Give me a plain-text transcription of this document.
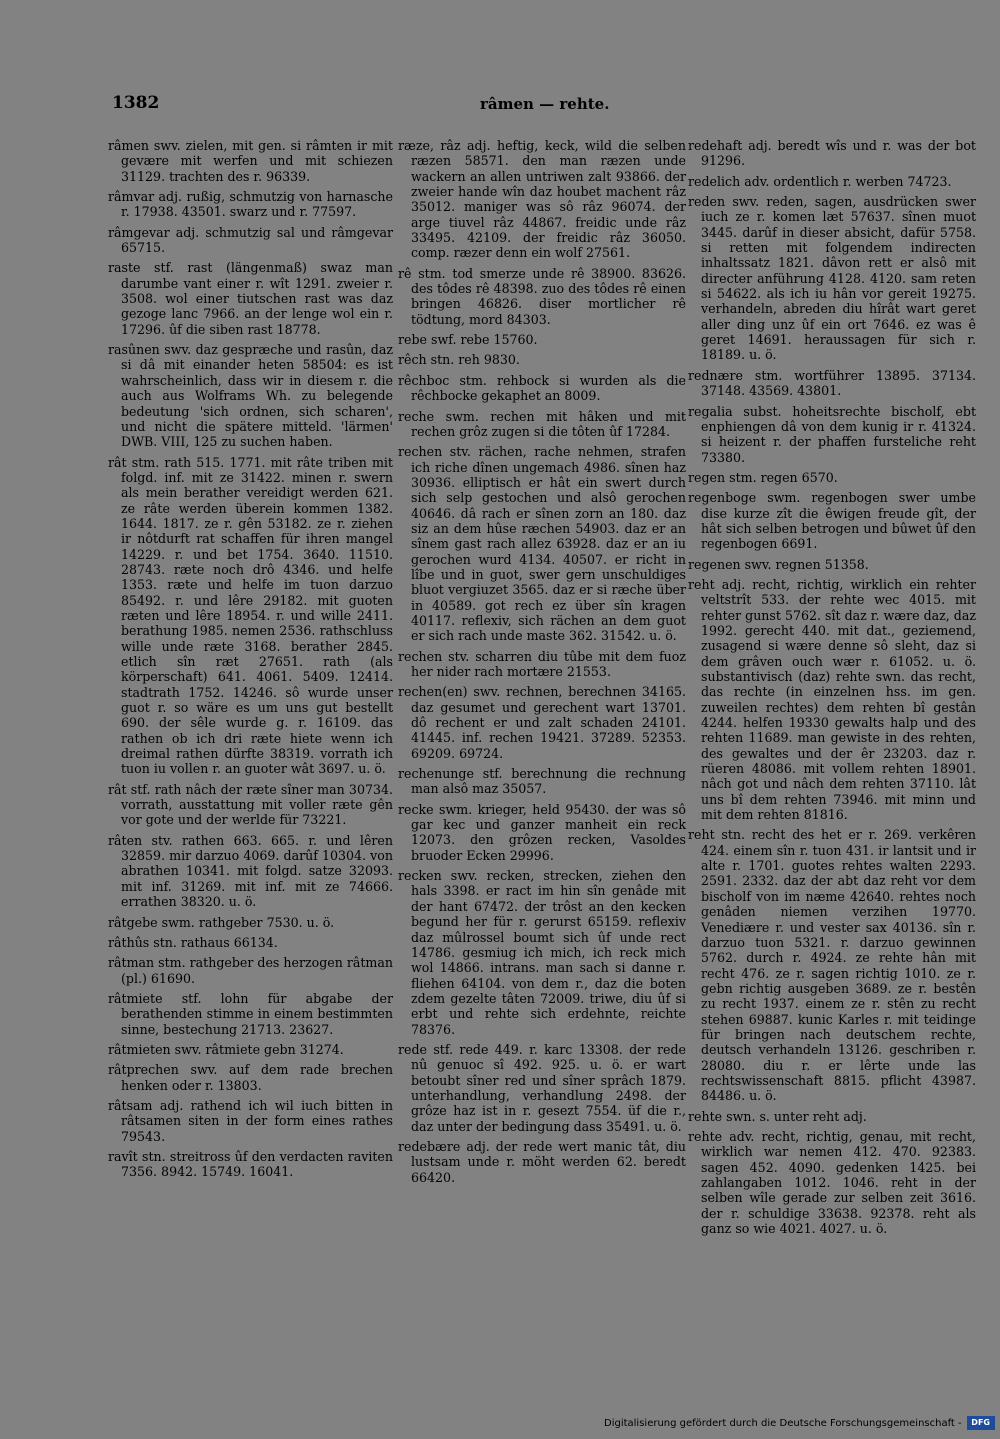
1382	râmen — rehte.

râmen swv. zielen, mit gen. si râmten ir mit gevære mit werfen und mit schiezen 31129. trachten des r. 96339.

râmvar adj. rußig, schmutzig von harnasche r. 17938. 43501. swarz und r. 77597.

râmgevar adj. schmutzig sal und râmgevar 65715.

raste stf. rast (längenmaß) swaz man darumbe vant einer r. wît 1291. zweier r. 3508. wol einer tiutschen rast was daz gezoge lanc 7966. an der lenge wol ein r. 17296. ûf die siben rast 18778.

rasûnen swv. daz gespræche und rasûn, daz si dâ mit einander heten 58504: es ist wahrscheinlich, dass wir in diesem r. die auch aus Wolframs Wh. zu belegende bedeutung 'sich ordnen, sich scharen', und nicht die spätere mitteld. 'lärmen' DWB. VIII, 125 zu suchen haben.

rât stm. rath 515. 1771. mit râte triben mit folgd. inf. mit ze 31422. minen r. swern als mein berather vereidigt werden 621. ze râte werden überein kommen 1382. 1644. 1817. ze r. gên 53182. ze r. ziehen ir nôtdurft rat schaffen für ihren mangel 14229. r. und bet 1754. 3640. 11510. 28743. ræte noch drô 4346. und helfe 1353. ræte und helfe im tuon darzuo 85492. r. und lêre 29182. mit guoten ræten und lêre 18954. r. und wille 2411. berathung 1985. nemen 2536. rathschluss wille unde ræte 3168. berather 2845. etlich sîn ræt 27651. rath (als körperschaft) 641. 4061. 5409. 12414. stadtrath 1752. 14246. sô wurde unser guot r. so wäre es um uns gut bestellt 690. der sêle wurde g. r. 16109. das rathen ob ich dri ræte hiete wenn ich dreimal rathen dürfte 38319. vorrath ich tuon iu vollen r. an guoter wât 3697. u. ö.

rât stf. rath nâch der ræte sîner man 30734. vorrath, ausstattung mit voller ræte gên vor gote und der werlde für 73221.

râten stv. rathen 663. 665. r. und lêren 32859. mir darzuo 4069. darûf 10304. von abrathen 10341. mit folgd. satze 32093. mit inf. 31269. mit inf. mit ze 74666. errathen 38320. u. ö.

râtgebe swm. rathgeber 7530. u. ö.

râthûs stn. rathaus 66134.

râtman stm. rathgeber des herzogen râtman (pl.) 61690.

râtmiete stf. lohn für abgabe der berathenden stimme in einem bestimmten sinne, bestechung 21713. 23627.

râtmieten swv. râtmiete gebn 31274.

râtprechen swv. auf dem rade brechen henken oder r. 13803.

râtsam adj. rathend ich wil iuch bitten in râtsamen siten in der form eines rathes 79543.

ravît stn. streitross ûf den verdacten raviten 7356. 8942. 15749. 16041.

ræze, râz adj. heftig, keck, wild die selben ræzen 58571. den man ræzen unde wackern an allen untriwen zalt 93866. der zweier hande wîn daz houbet machent râz 35012. maniger was sô râz 96074. der arge tiuvel râz 44867. freidic unde râz 33495. 42109. der freidic râz 36050. comp. ræzer denn ein wolf 27561.

rê stm. tod smerze unde rê 38900. 83626. des tôdes rê 48398. zuo des tôdes rê einen bringen 46826. diser mortlicher rê tödtung, mord 84303.

rebe swf. rebe 15760.

rêch stn. reh 9830.

rêchboc stm. rehbock si wurden als die rêchbocke gekaphet an 8009.

reche swm. rechen mit hâken und mit rechen grôz zugen si die tôten ûf 17284.

rechen stv. rächen, rache nehmen, strafen ich riche dînen ungemach 4986. sînen haz 30936. elliptisch er hât ein swert durch sich selp gestochen und alsô gerochen 40646. dâ rach er sînen zorn an 180. daz siz an dem hûse ræchen 54903. daz er an sînem gast rach allez 63928. daz er an iu gerochen wurd 4134. 40507. er richt in lîbe und in guot, swer gern unschuldiges bluot vergiuzet 3565. daz er si ræche über in 40589. got rech ez über sîn kragen 40117. reflexiv, sich rächen an dem guot er sich rach unde maste 362. 31542. u. ö.

rechen stv. scharren diu tûbe mit dem fuoz her nider rach mortære 21553.

rechen(en) swv. rechnen, berechnen 34165. daz gesumet und gerechent wart 13701. dô rechent er und zalt schaden 24101. 41445. inf. rechen 19421. 37289. 52353. 69209. 69724.

rechenunge stf. berechnung die rechnung man alsô maz 35057.

recke swm. krieger, held 95430. der was sô gar kec und ganzer manheit ein reck 12073. den grôzen recken, Vasoldes bruoder Ecken 29996.

recken swv. recken, strecken, ziehen den hals 3398. er ract im hin sîn genâde mit der hant 67472. der trôst an den kecken begund her für r. gerurst 65159. reflexiv daz mûlrossel boumt sich ûf unde rect 14786. gesmiug ich mich, ich reck mich wol 14866. intrans. man sach si danne r. fliehen 64104. von dem r., daz die boten zdem gezelte tâten 72009. triwe, diu ûf si erbt und rehte sich erdehnte, reichte 78376.

rede stf. rede 449. r. karc 13308. der rede nû genuoc sî 492. 925. u. ö. er wart betoubt sîner red und sîner sprâch 1879. unterhandlung, verhandlung 2498. der grôze haz ist in r. gesezt 7554. üf die r., daz unter der bedingung dass 35491. u. ö.

redebære adj. der rede wert manic tât, diu lustsam unde r. möht werden 62. beredt 66420.

redehaft adj. beredt wîs und r. was der bot 91296.

redelich adv. ordentlich r. werben 74723.

reden swv. reden, sagen, ausdrücken swer iuch ze r. komen læt 57637. sînen muot 3445. darûf in dieser absicht, dafür 5758. si retten mit folgendem indirecten inhaltssatz 1821. dâvon rett er alsô mit directer anführung 4128. 4120. sam reten si 54622. als ich iu hân vor gereit 19275. verhandeln, abreden diu hîrât wart geret aller ding unz ûf ein ort 7646. ez was ê geret 14691. heraussagen für sich r. 18189. u. ö.

rednære stm. wortführer 13895. 37134. 37148. 43569. 43801.

regalia subst. hoheitsrechte bischolf, ebt enphiengen dâ von dem kunig ir r. 41324. si heizent r. der phaffen fursteliche reht 73380.

regen stm. regen 6570.

regenboge swm. regenbogen swer umbe dise kurze zît die êwigen freude gît, der hât sich selben betrogen und bûwet ûf den regenbogen 6691.

regenen swv. regnen 51358.

reht adj. recht, richtig, wirklich ein rehter veltstrît 533. der rehte wec 4015. mit rehter gunst 5762. sît daz r. wære daz, daz 1992. gerecht 440. mit dat., geziemend, zusagend si wære denne sô sleht, daz si dem grâven ouch wær r. 61052. u. ö. substantivisch (daz) rehte swn. das recht, das rechte (in einzelnen hss. im gen. zuweilen rechtes) dem rehten bî gestân 4244. helfen 19330 gewalts halp und des rehten 11689. man gewiste in des rehten, des gewaltes und der êr 23203. daz r. rüeren 48086. mit vollem rehten 18901. nâch got und nâch dem rehten 37110. lât uns bî dem rehten 73946. mit minn und mit dem rehten 81816.

reht stn. recht des het er r. 269. verkêren 424. einem sîn r. tuon 431. ir lantsit und ir alte r. 1701. guotes rehtes walten 2293. 2591. 2332. daz der abt daz reht vor dem bischolf von im næme 42640. rehtes noch genâden niemen verzihen 19770. Venediære r. und vester sax 40136. sîn r. darzuo tuon 5321. r. darzuo gewinnen 5762. durch r. 4924. ze rehte hân mit recht 476. ze r. sagen richtig 1010. ze r. gebn richtig ausgeben 3689. ze r. bestên zu recht 1937. einem ze r. stên zu recht stehen 69887. kunic Karles r. mit teidinge für bringen nach deutschem rechte, deutsch verhandeln 13126. geschriben r. 28080. diu r. er lêrte unde las rechtswissenschaft 8815. pflicht 43987. 84486. u. ö.

rehte swn. s. unter reht adj.

rehte adv. recht, richtig, genau, mit recht, wirklich war nemen 412. 470. 92383. sagen 452. 4090. gedenken 1425. bei zahlangaben 1012. 1046. reht in der selben wîle gerade zur selben zeit 3616. der r. schuldige 33638. 92378. reht als ganz so wie 4021. 4027. u. ö.

Digitalisierung gefördert durch die Deutsche Forschungsgemeinschaft -	DFG
